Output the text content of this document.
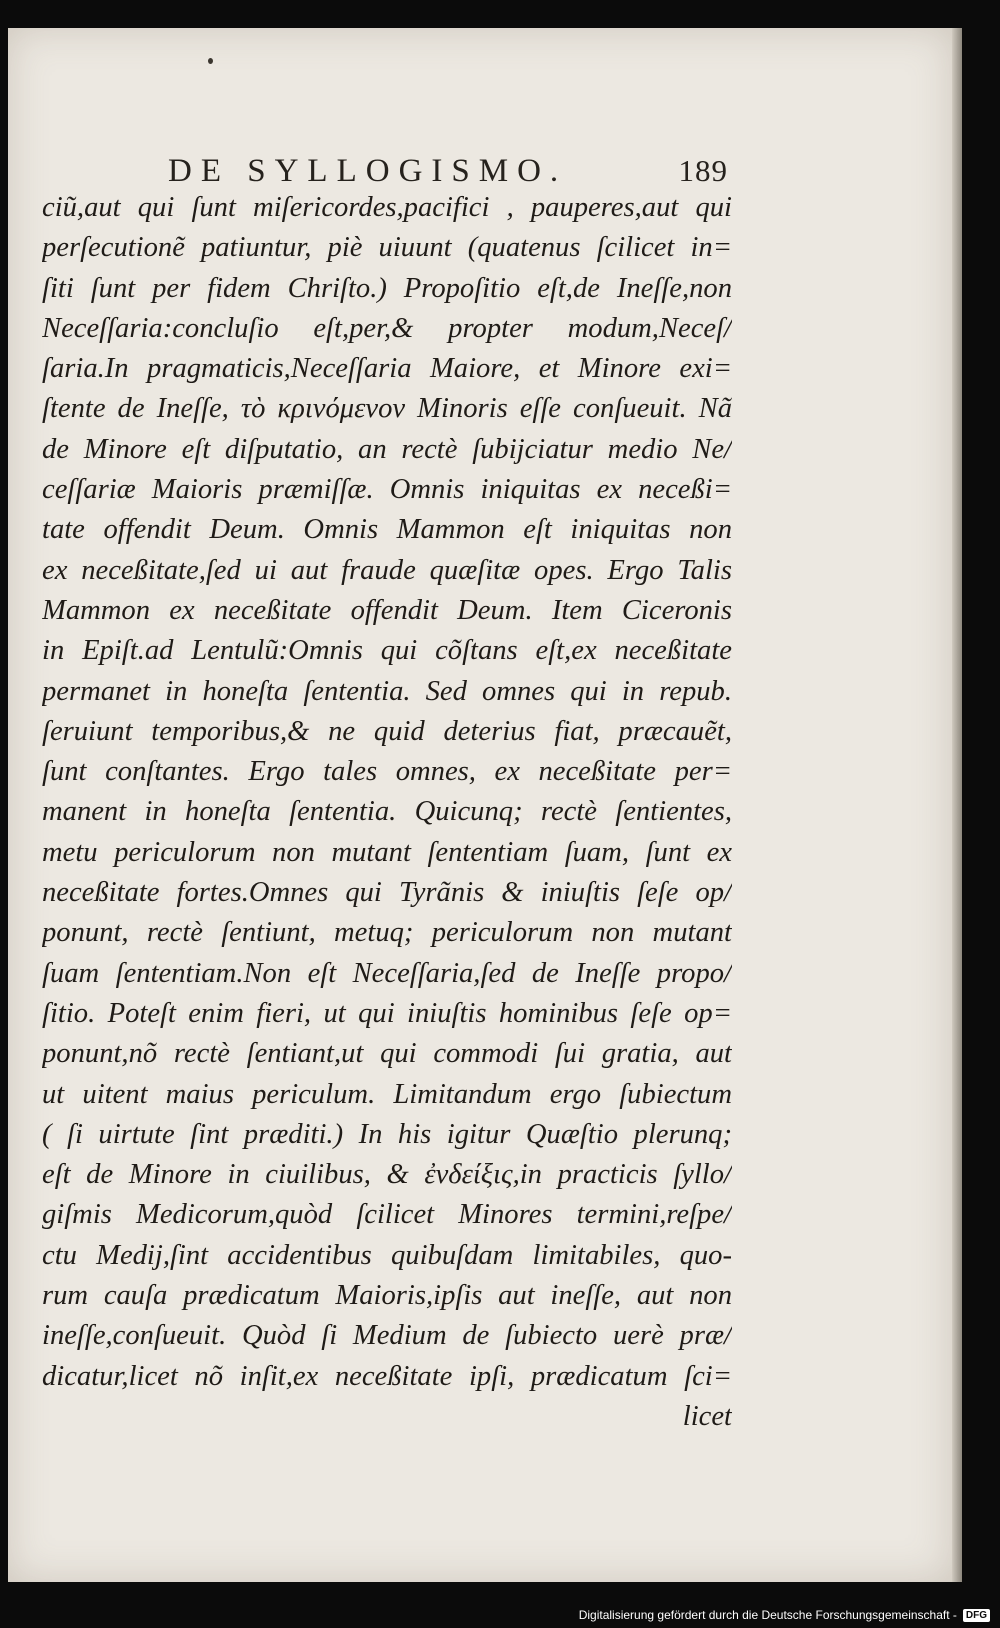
DE SYLLOGISMO.	189
ciũ,aut qui ſunt miſericordes,pacifici , pauperes,aut qui
perſecutionẽ patiuntur, piè uiuunt (quatenus ſcilicet in=
ſiti ſunt per fidem Chriſto.) Propoſitio eſt,de Ineſſe,non
Neceſſaria:concluſio eſt,per,& propter modum,Neceſ/
ſaria.In pragmaticis,Neceſſaria Maiore, et Minore exi=
ſtente de Ineſſe, τὸ κρινόμενον Minoris eſſe conſueuit. Nã
de Minore eſt diſputatio, an rectè ſubijciatur medio Ne/
ceſſariæ Maioris præmiſſæ. Omnis iniquitas ex neceßi=
tate offendit Deum. Omnis Mammon eſt iniquitas non
ex neceßitate,ſed ui aut fraude quæſitæ opes. Ergo Talis
Mammon ex neceßitate offendit Deum. Item Ciceronis
in Epiſt.ad Lentulũ:Omnis qui cõſtans eſt,ex neceßitate
permanet in honeſta ſententia. Sed omnes qui in repub.
ſeruiunt temporibus,& ne quid deterius fiat, præcauẽt,
ſunt conſtantes. Ergo tales omnes, ex neceßitate per=
manent in honeſta ſententia. Quicunq; rectè ſentientes,
metu periculorum non mutant ſententiam ſuam, ſunt ex
neceßitate fortes.Omnes qui Tyrãnis & iniuſtis ſeſe op/
ponunt, rectè ſentiunt, metuq; periculorum non mutant
ſuam ſententiam.Non eſt Neceſſaria,ſed de Ineſſe propo/
ſitio. Poteſt enim fieri, ut qui iniuſtis hominibus ſeſe op=
ponunt,nõ rectè ſentiant,ut qui commodi ſui gratia, aut
ut uitent maius periculum. Limitandum ergo ſubiectum
( ſi uirtute ſint præditi.) In his igitur Quæſtio plerunq;
eſt de Minore in ciuilibus, & ἐνδείξις,in practicis ſyllo/
giſmis Medicorum,quòd ſcilicet Minores termini,reſpe/
ctu Medij,ſint accidentibus quibuſdam limitabiles, quo-
rum cauſa prædicatum Maioris,ipſis aut ineſſe, aut non
ineſſe,conſueuit. Quòd ſi Medium de ſubiecto uerè præ/
dicatur,licet nõ inſit,ex neceßitate ipſi, prædicatum ſci=
licet
Digitalisierung gefördert durch die Deutsche Forschungsgemeinschaft - DFG
